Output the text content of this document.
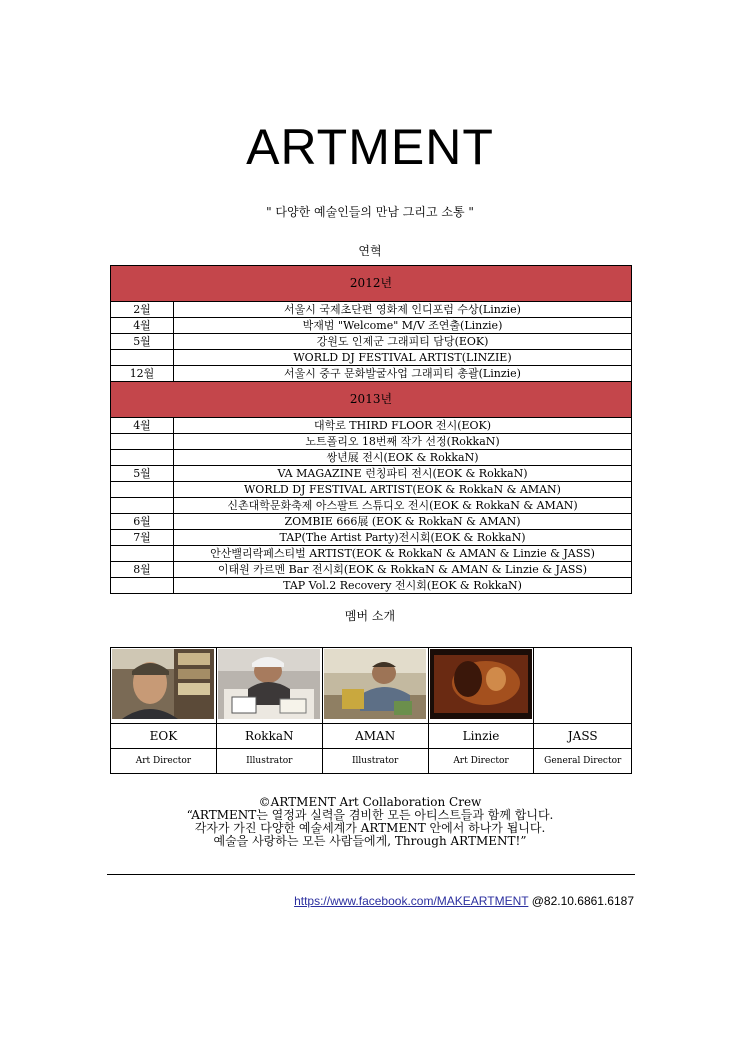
ARTMENT
" 다양한 예술인들의 만남 그리고 소통 "
연혁
2012년	
2월	서울시 국제초단편 영화제 인디포럼 수상(Linzie)
4월	박재범 "Welcome" M/V 조연출(Linzie)
5월	강원도 인제군 그래피티 담당(EOK)
	WORLD DJ FESTIVAL ARTIST(LINZIE)
12월	서울시 중구 문화발굴사업 그래피티 총괄(Linzie)
2013년	
4월	대학로 THIRD FLOOR 전시(EOK)
	노트폴리오 18번째 작가 선정(RokkaN)
	쌍년展 전시(EOK & RokkaN)
5월	VA MAGAZINE 런칭파티 전시(EOK & RokkaN)
	WORLD DJ FESTIVAL ARTIST(EOK & RokkaN & AMAN)
	신촌대학문화축제 아스팔트 스튜디오 전시(EOK & RokkaN & AMAN)
6월	ZOMBIE 666展 (EOK & RokkaN & AMAN)
7월	TAP(The Artist Party)전시회(EOK & RokkaN)
	안산밸리락페스티벌 ARTIST(EOK & RokkaN & AMAN & Linzie & JASS)
8월	이태원 카르멘 Bar 전시회(EOK & RokkaN & AMAN & Linzie & JASS)
	TAP Vol.2 Recovery 전시회(EOK & RokkaN)
멤버 소개

EOK	RokkaN	AMAN	Linzie	JASS
Art Director	Illustrator	Illustrator	Art Director	General Director
©ARTMENT Art Collaboration Crew
“ARTMENT는 열정과 실력을 겸비한 모든 아티스트들과 함께 합니다.
각자가 가진 다양한 예술세계가 ARTMENT 안에서 하나가 됩니다.
예술을 사랑하는 모든 사람들에게, Through ARTMENT!”
https://www.facebook.com/MAKEARTMENT @82.10.6861.6187
